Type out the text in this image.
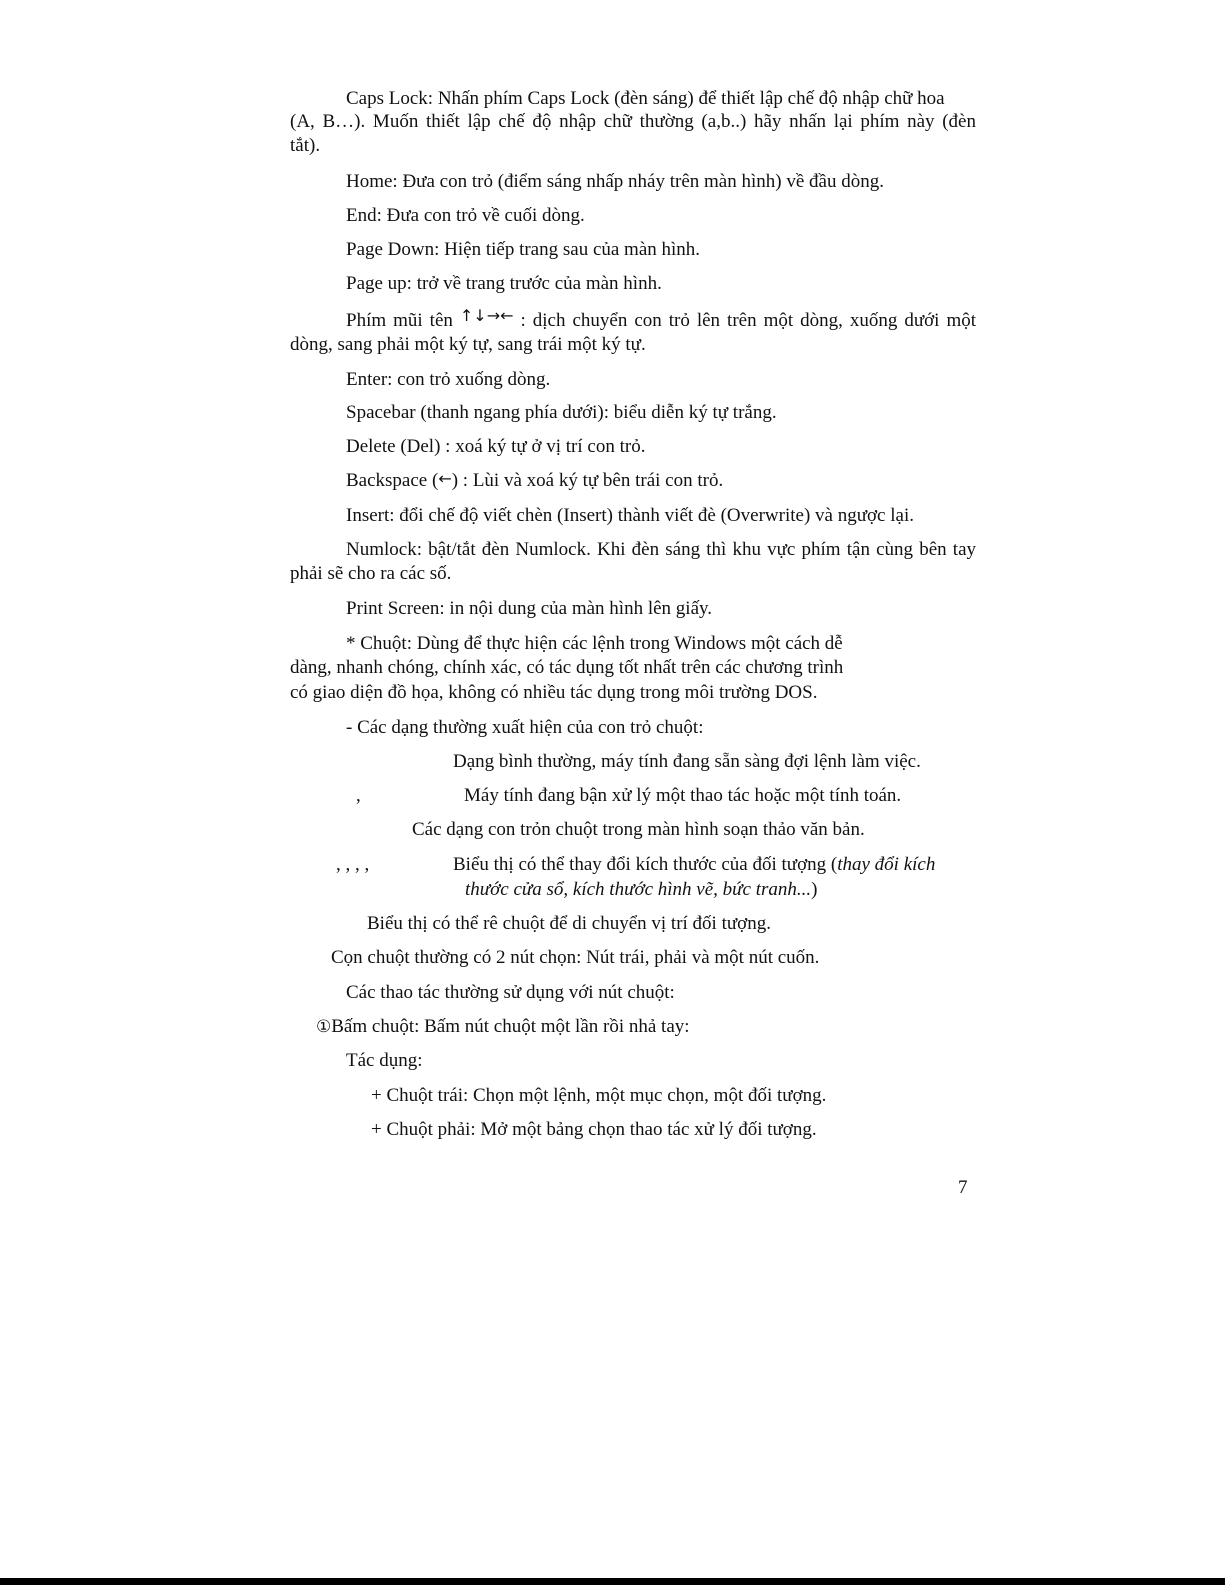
Caps Lock: Nhấn phím Caps Lock (đèn sáng) để thiết lập chế độ nhập chữ hoa
(A, B…). Muốn thiết lập chế độ nhập chữ thường (a,b..) hãy nhấn lại phím này (đèn
tắt).
Home: Đưa con trỏ (điểm sáng nhấp nháy trên màn hình) về đầu dòng.
End: Đưa con trỏ về cuối dòng.
Page Down: Hiện tiếp trang sau của màn hình.
Page up: trở về trang trước của màn hình.
Phím mũi tên ↑↓→← : dịch chuyển con trỏ lên trên một dòng, xuống dưới một
dòng, sang phải một ký tự, sang trái một ký tự.
Enter: con trỏ xuống dòng.
Spacebar (thanh ngang phía dưới): biểu diễn ký tự trắng.
Delete (Del) : xoá ký tự ở vị trí con trỏ.
Backspace (←) : Lùi và xoá ký tự bên trái con trỏ.
Insert: đổi chế độ viết chèn (Insert) thành viết đè (Overwrite) và ngược lại.
Numlock: bật/tắt đèn Numlock. Khi đèn sáng thì khu vực phím tận cùng bên tay
phải sẽ cho ra các số.
Print Screen: in nội dung của màn hình lên giấy.
* Chuột: Dùng để thực hiện các lệnh trong Windows một cách dễ
dàng, nhanh chóng, chính xác, có tác dụng tốt nhất trên các chương trình
có giao diện đồ họa, không có nhiều tác dụng trong môi trường DOS.
- Các dạng thường xuất hiện của con trỏ chuột:
Dạng bình thường, máy tính đang sẵn sàng đợi lệnh làm việc.
,	Máy tính đang bận xử lý một thao tác hoặc một tính toán.
Các dạng con trỏn chuột trong màn hình soạn thảo văn bản.
, , , ,	Biểu thị có thể thay đổi kích thước của đối tượng (thay đổi kích
thước cửa sổ, kích thước hình vẽ, bức tranh...)
Biểu thị có thể rê chuột để di chuyển vị trí đối tượng.
Cọn chuột thường có 2 nút chọn: Nút trái, phải và một nút cuốn.
Các thao tác thường sử dụng với nút chuột:
①Bấm chuột: Bấm nút chuột một lần rồi nhả tay:
Tác dụng:
+ Chuột trái: Chọn một lệnh, một mục chọn, một đối tượng.
+ Chuột phải: Mở một bảng chọn thao tác xử lý đối tượng.
7
